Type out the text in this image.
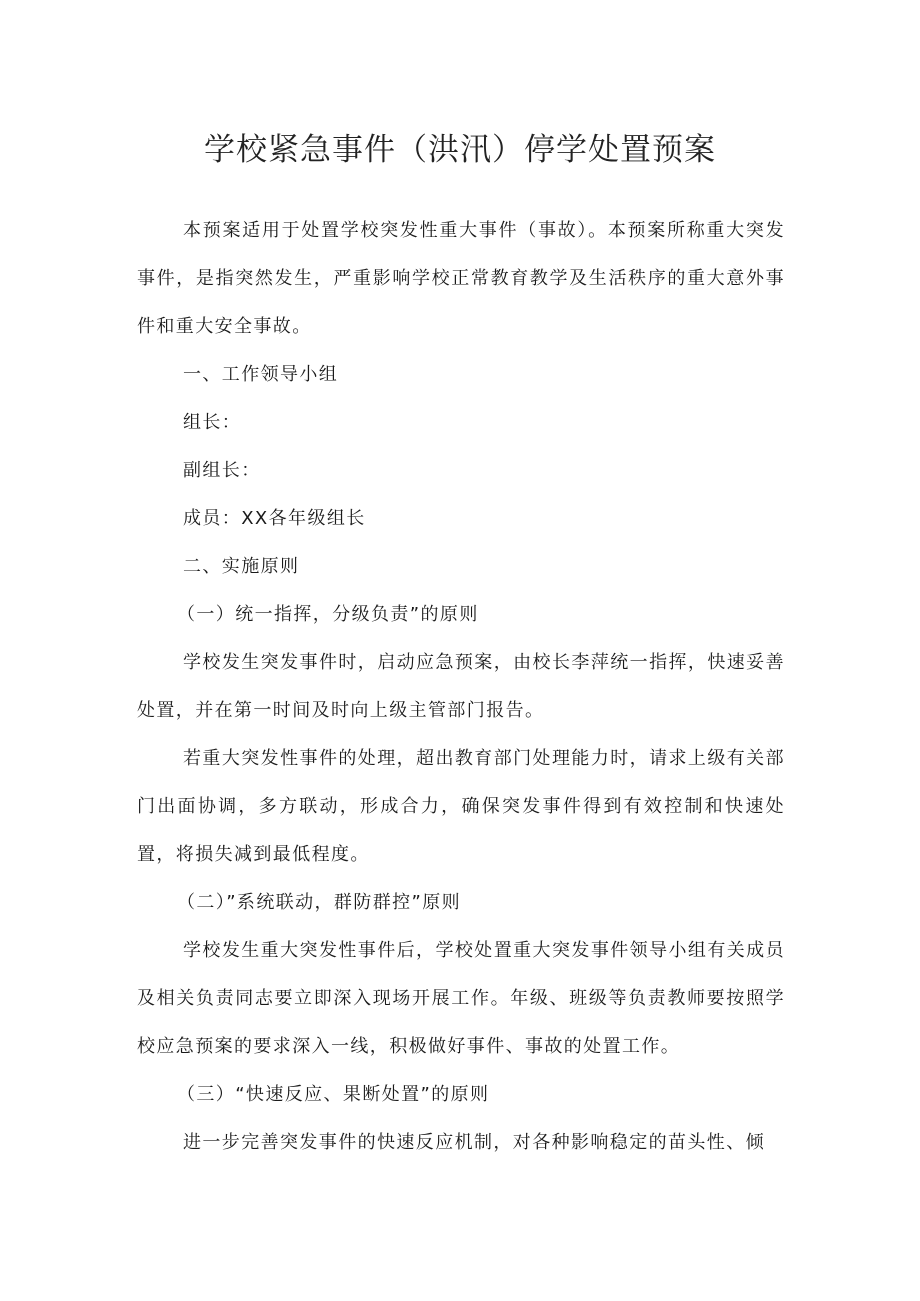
学校紧急事件（洪汛）停学处置预案

本预案适用于处置学校突发性重大事件（事故）。本预案所称重大突发事件，是指突然发生，严重影响学校正常教育教学及生活秩序的重大意外事件和重大安全事故。

一、工作领导小组

组长：

副组长：

成员：XX各年级组长

二、实施原则

（一）统一指挥，分级负责”的原则

学校发生突发事件时，启动应急预案，由校长李萍统一指挥，快速妥善处置，并在第一时间及时向上级主管部门报告。

若重大突发性事件的处理，超出教育部门处理能力时，请求上级有关部门出面协调，多方联动，形成合力，确保突发事件得到有效控制和快速处置，将损失减到最低程度。

（二）”系统联动，群防群控”原则

学校发生重大突发性事件后，学校处置重大突发事件领导小组有关成员及相关负责同志要立即深入现场开展工作。年级、班级等负责教师要按照学校应急预案的要求深入一线，积极做好事件、事故的处置工作。

（三）“快速反应、果断处置”的原则

进一步完善突发事件的快速反应机制，对各种影响稳定的苗头性、倾
